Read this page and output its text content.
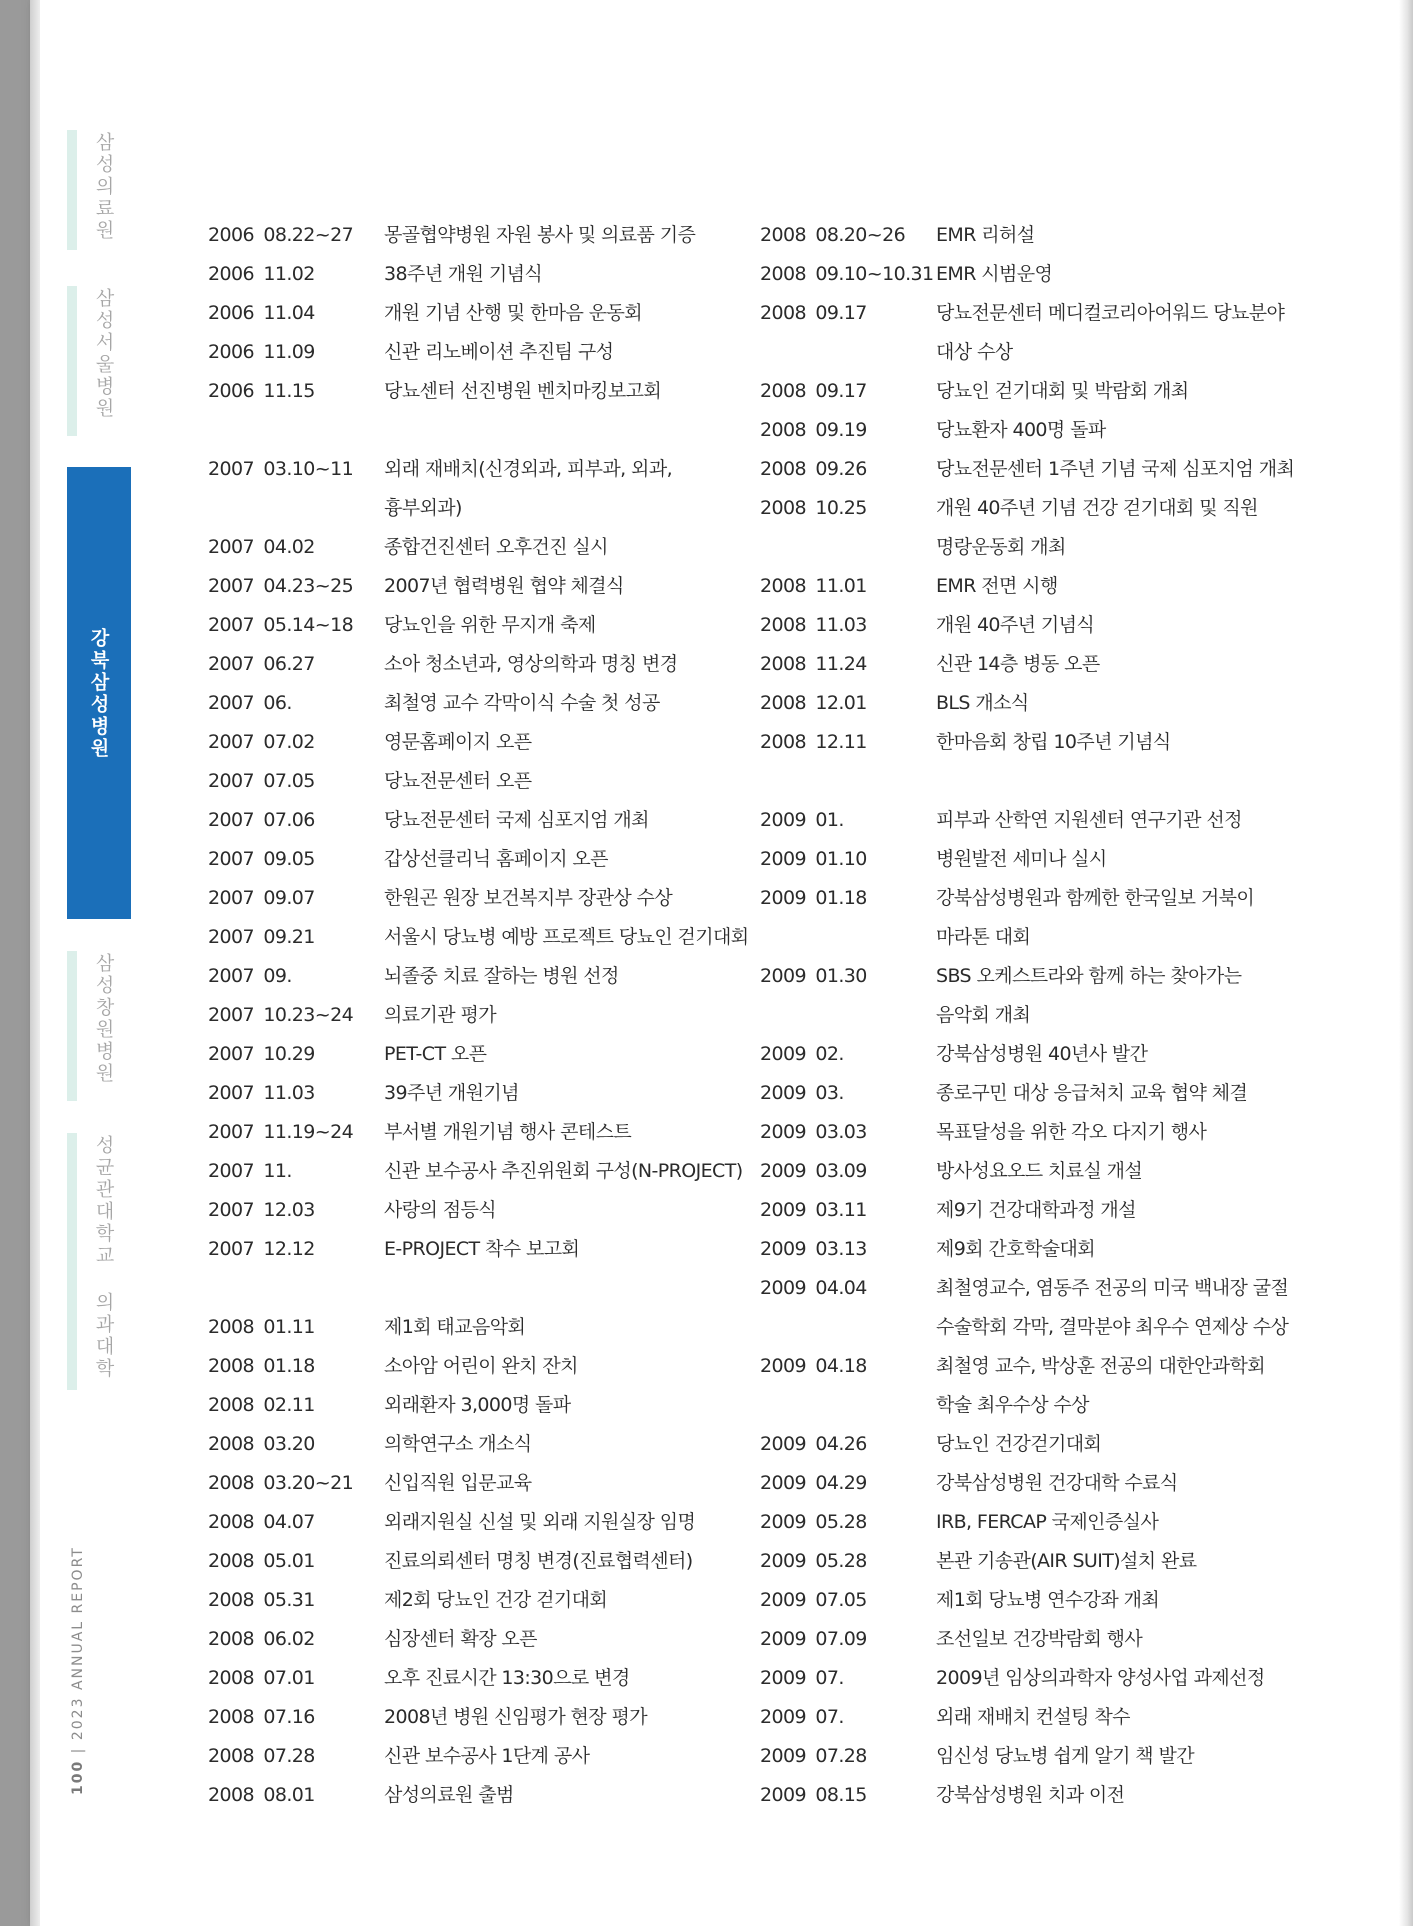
삼성의료원
삼성서울병원
강북삼성병원
삼성창원병원
성균관대학교 의과대학
100 | 2023 ANNUAL REPORT
2006 08.22~27	몽골협약병원 자원 봉사 및 의료품 기증
2006 11.02	38주년 개원 기념식
2006 11.04	개원 기념 산행 및 한마음 운동회
2006 11.09	신관 리노베이션 추진팀 구성
2006 11.15	당뇨센터 선진병원 벤치마킹보고회
2007 03.10~11	외래 재배치(신경외과, 피부과, 외과,
흉부외과)
2007 04.02	종합건진센터 오후건진 실시
2007 04.23~25	2007년 협력병원 협약 체결식
2007 05.14~18	당뇨인을 위한 무지개 축제
2007 06.27	소아 청소년과, 영상의학과 명칭 변경
2007 06.	최철영 교수 각막이식 수술 첫 성공
2007 07.02	영문홈페이지 오픈
2007 07.05	당뇨전문센터 오픈
2007 07.06	당뇨전문센터 국제 심포지엄 개최
2007 09.05	갑상선클리닉 홈페이지 오픈
2007 09.07	한원곤 원장 보건복지부 장관상 수상
2007 09.21	서울시 당뇨병 예방 프로젝트 당뇨인 걷기대회
2007 09.	뇌졸중 치료 잘하는 병원 선정
2007 10.23~24	의료기관 평가
2007 10.29	PET-CT 오픈
2007 11.03	39주년 개원기념
2007 11.19~24	부서별 개원기념 행사 콘테스트
2007 11.	신관 보수공사 추진위원회 구성(N-PROJECT)
2007 12.03	사랑의 점등식
2007 12.12	E-PROJECT 착수 보고회
2008 01.11	제1회 태교음악회
2008 01.18	소아암 어린이 완치 잔치
2008 02.11	외래환자 3,000명 돌파
2008 03.20	의학연구소 개소식
2008 03.20~21	신입직원 입문교육
2008 04.07	외래지원실 신설 및 외래 지원실장 임명
2008 05.01	진료의뢰센터 명칭 변경(진료협력센터)
2008 05.31	제2회 당뇨인 건강 걷기대회
2008 06.02	심장센터 확장 오픈
2008 07.01	오후 진료시간 13:30으로 변경
2008 07.16	2008년 병원 신임평가 현장 평가
2008 07.28	신관 보수공사 1단계 공사
2008 08.01	삼성의료원 출범
2008 08.20~26	EMR 리허설
2008 09.10~10.31 EMR 시범운영
2008 09.17	당뇨전문센터 메디컬코리아어워드 당뇨분야
대상 수상
2008 09.17	당뇨인 걷기대회 및 박람회 개최
2008 09.19	당뇨환자 400명 돌파
2008 09.26	당뇨전문센터 1주년 기념 국제 심포지엄 개최
2008 10.25	개원 40주년 기념 건강 걷기대회 및 직원
명랑운동회 개최
2008 11.01	EMR 전면 시행
2008 11.03	개원 40주년 기념식
2008 11.24	신관 14층 병동 오픈
2008 12.01	BLS 개소식
2008 12.11	한마음회 창립 10주년 기념식
2009 01.	피부과 산학연 지원센터 연구기관 선정
2009 01.10	병원발전 세미나 실시
2009 01.18	강북삼성병원과 함께한 한국일보 거북이
마라톤 대회
2009 01.30	SBS 오케스트라와 함께 하는 찾아가는
음악회 개최
2009 02.	강북삼성병원 40년사 발간
2009 03.	종로구민 대상 응급처치 교육 협약 체결
2009 03.03	목표달성을 위한 각오 다지기 행사
2009 03.09	방사성요오드 치료실 개설
2009 03.11	제9기 건강대학과정 개설
2009 03.13	제9회 간호학술대회
2009 04.04	최철영교수, 염동주 전공의 미국 백내장 굴절
수술학회 각막, 결막분야 최우수 연제상 수상
2009 04.18	최철영 교수, 박상훈 전공의 대한안과학회
학술 최우수상 수상
2009 04.26	당뇨인 건강걷기대회
2009 04.29	강북삼성병원 건강대학 수료식
2009 05.28	IRB, FERCAP 국제인증실사
2009 05.28	본관 기송관(AIR SUIT)설치 완료
2009 07.05	제1회 당뇨병 연수강좌 개최
2009 07.09	조선일보 건강박람회 행사
2009 07.	2009년 임상의과학자 양성사업 과제선정
2009 07.	외래 재배치 컨설팅 착수
2009 07.28	임신성 당뇨병 쉽게 알기 책 발간
2009 08.15	강북삼성병원 치과 이전
